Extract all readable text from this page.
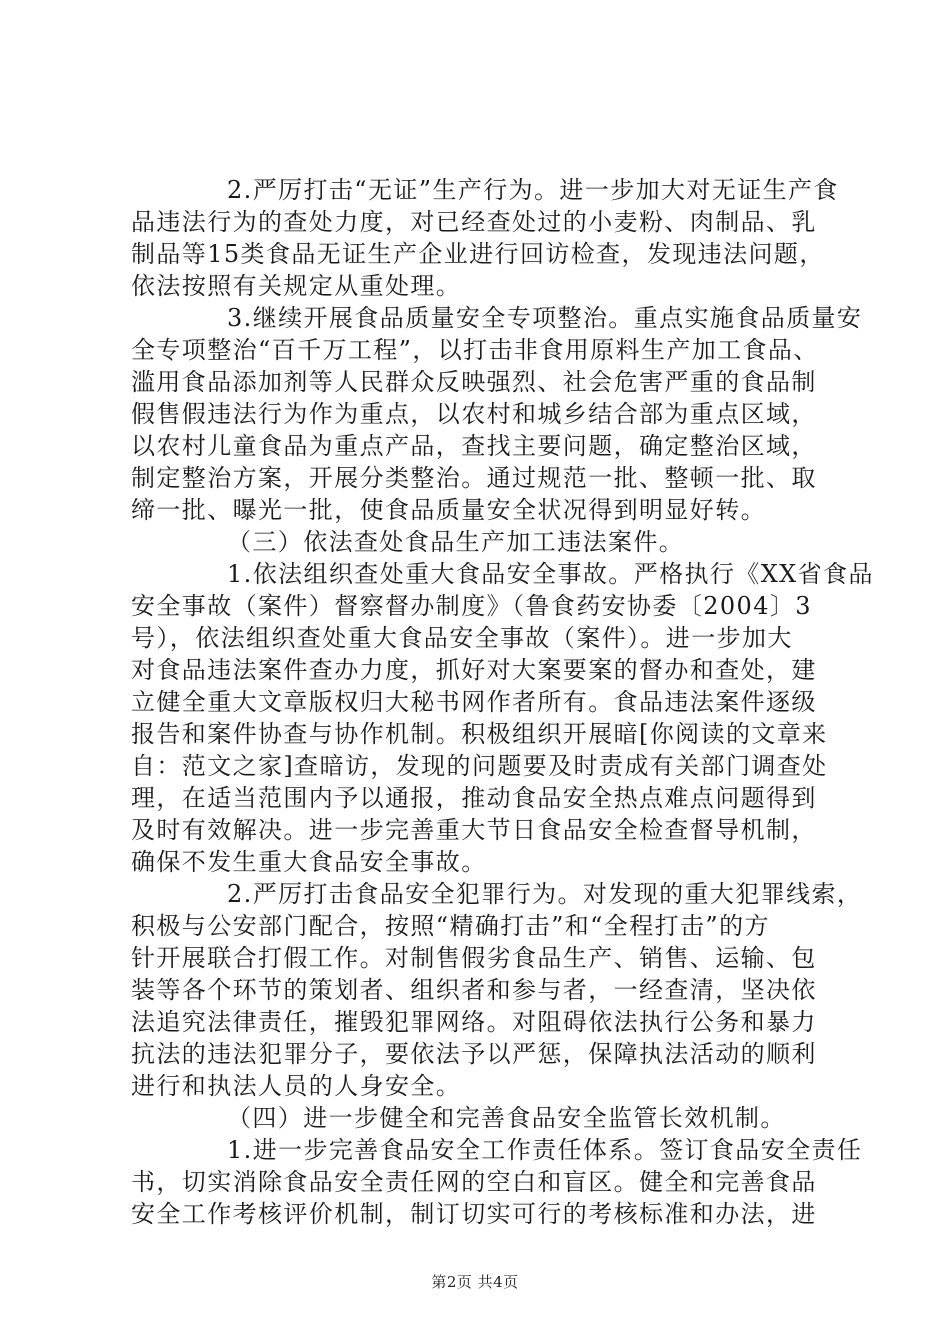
2.严厉打击“无证”生产行为。进一步加大对无证生产食
品违法行为的查处力度，对已经查处过的小麦粉、肉制品、乳
制品等15类食品无证生产企业进行回访检查，发现违法问题，
依法按照有关规定从重处理。

3.继续开展食品质量安全专项整治。重点实施食品质量安
全专项整治“百千万工程”，以打击非食用原料生产加工食品、
滥用食品添加剂等人民群众反映强烈、社会危害严重的食品制
假售假违法行为作为重点，以农村和城乡结合部为重点区域，
以农村儿童食品为重点产品，查找主要问题，确定整治区域，
制定整治方案，开展分类整治。通过规范一批、整顿一批、取
缔一批、曝光一批，使食品质量安全状况得到明显好转。

（三）依法查处食品生产加工违法案件。

1.依法组织查处重大食品安全事故。严格执行《XX省食品
安全事故（案件）督察督办制度》（鲁食药安协委〔2004〕3
号），依法组织查处重大食品安全事故（案件）。进一步加大
对食品违法案件查办力度，抓好对大案要案的督办和查处，建
立健全重大文章版权归大秘书网作者所有。食品违法案件逐级
报告和案件协查与协作机制。积极组织开展暗[你阅读的文章来
自：范文之家]查暗访，发现的问题要及时责成有关部门调查处
理，在适当范围内予以通报，推动食品安全热点难点问题得到
及时有效解决。进一步完善重大节日食品安全检查督导机制，
确保不发生重大食品安全事故。

2.严厉打击食品安全犯罪行为。对发现的重大犯罪线索，
积极与公安部门配合，按照“精确打击”和“全程打击”的方
针开展联合打假工作。对制售假劣食品生产、销售、运输、包
装等各个环节的策划者、组织者和参与者，一经查清，坚决依
法追究法律责任，摧毁犯罪网络。对阻碍依法执行公务和暴力
抗法的违法犯罪分子，要依法予以严惩，保障执法活动的顺利
进行和执法人员的人身安全。

（四）进一步健全和完善食品安全监管长效机制。

1.进一步完善食品安全工作责任体系。签订食品安全责任
书，切实消除食品安全责任网的空白和盲区。健全和完善食品
安全工作考核评价机制，制订切实可行的考核标准和办法，进

第2页 共4页
